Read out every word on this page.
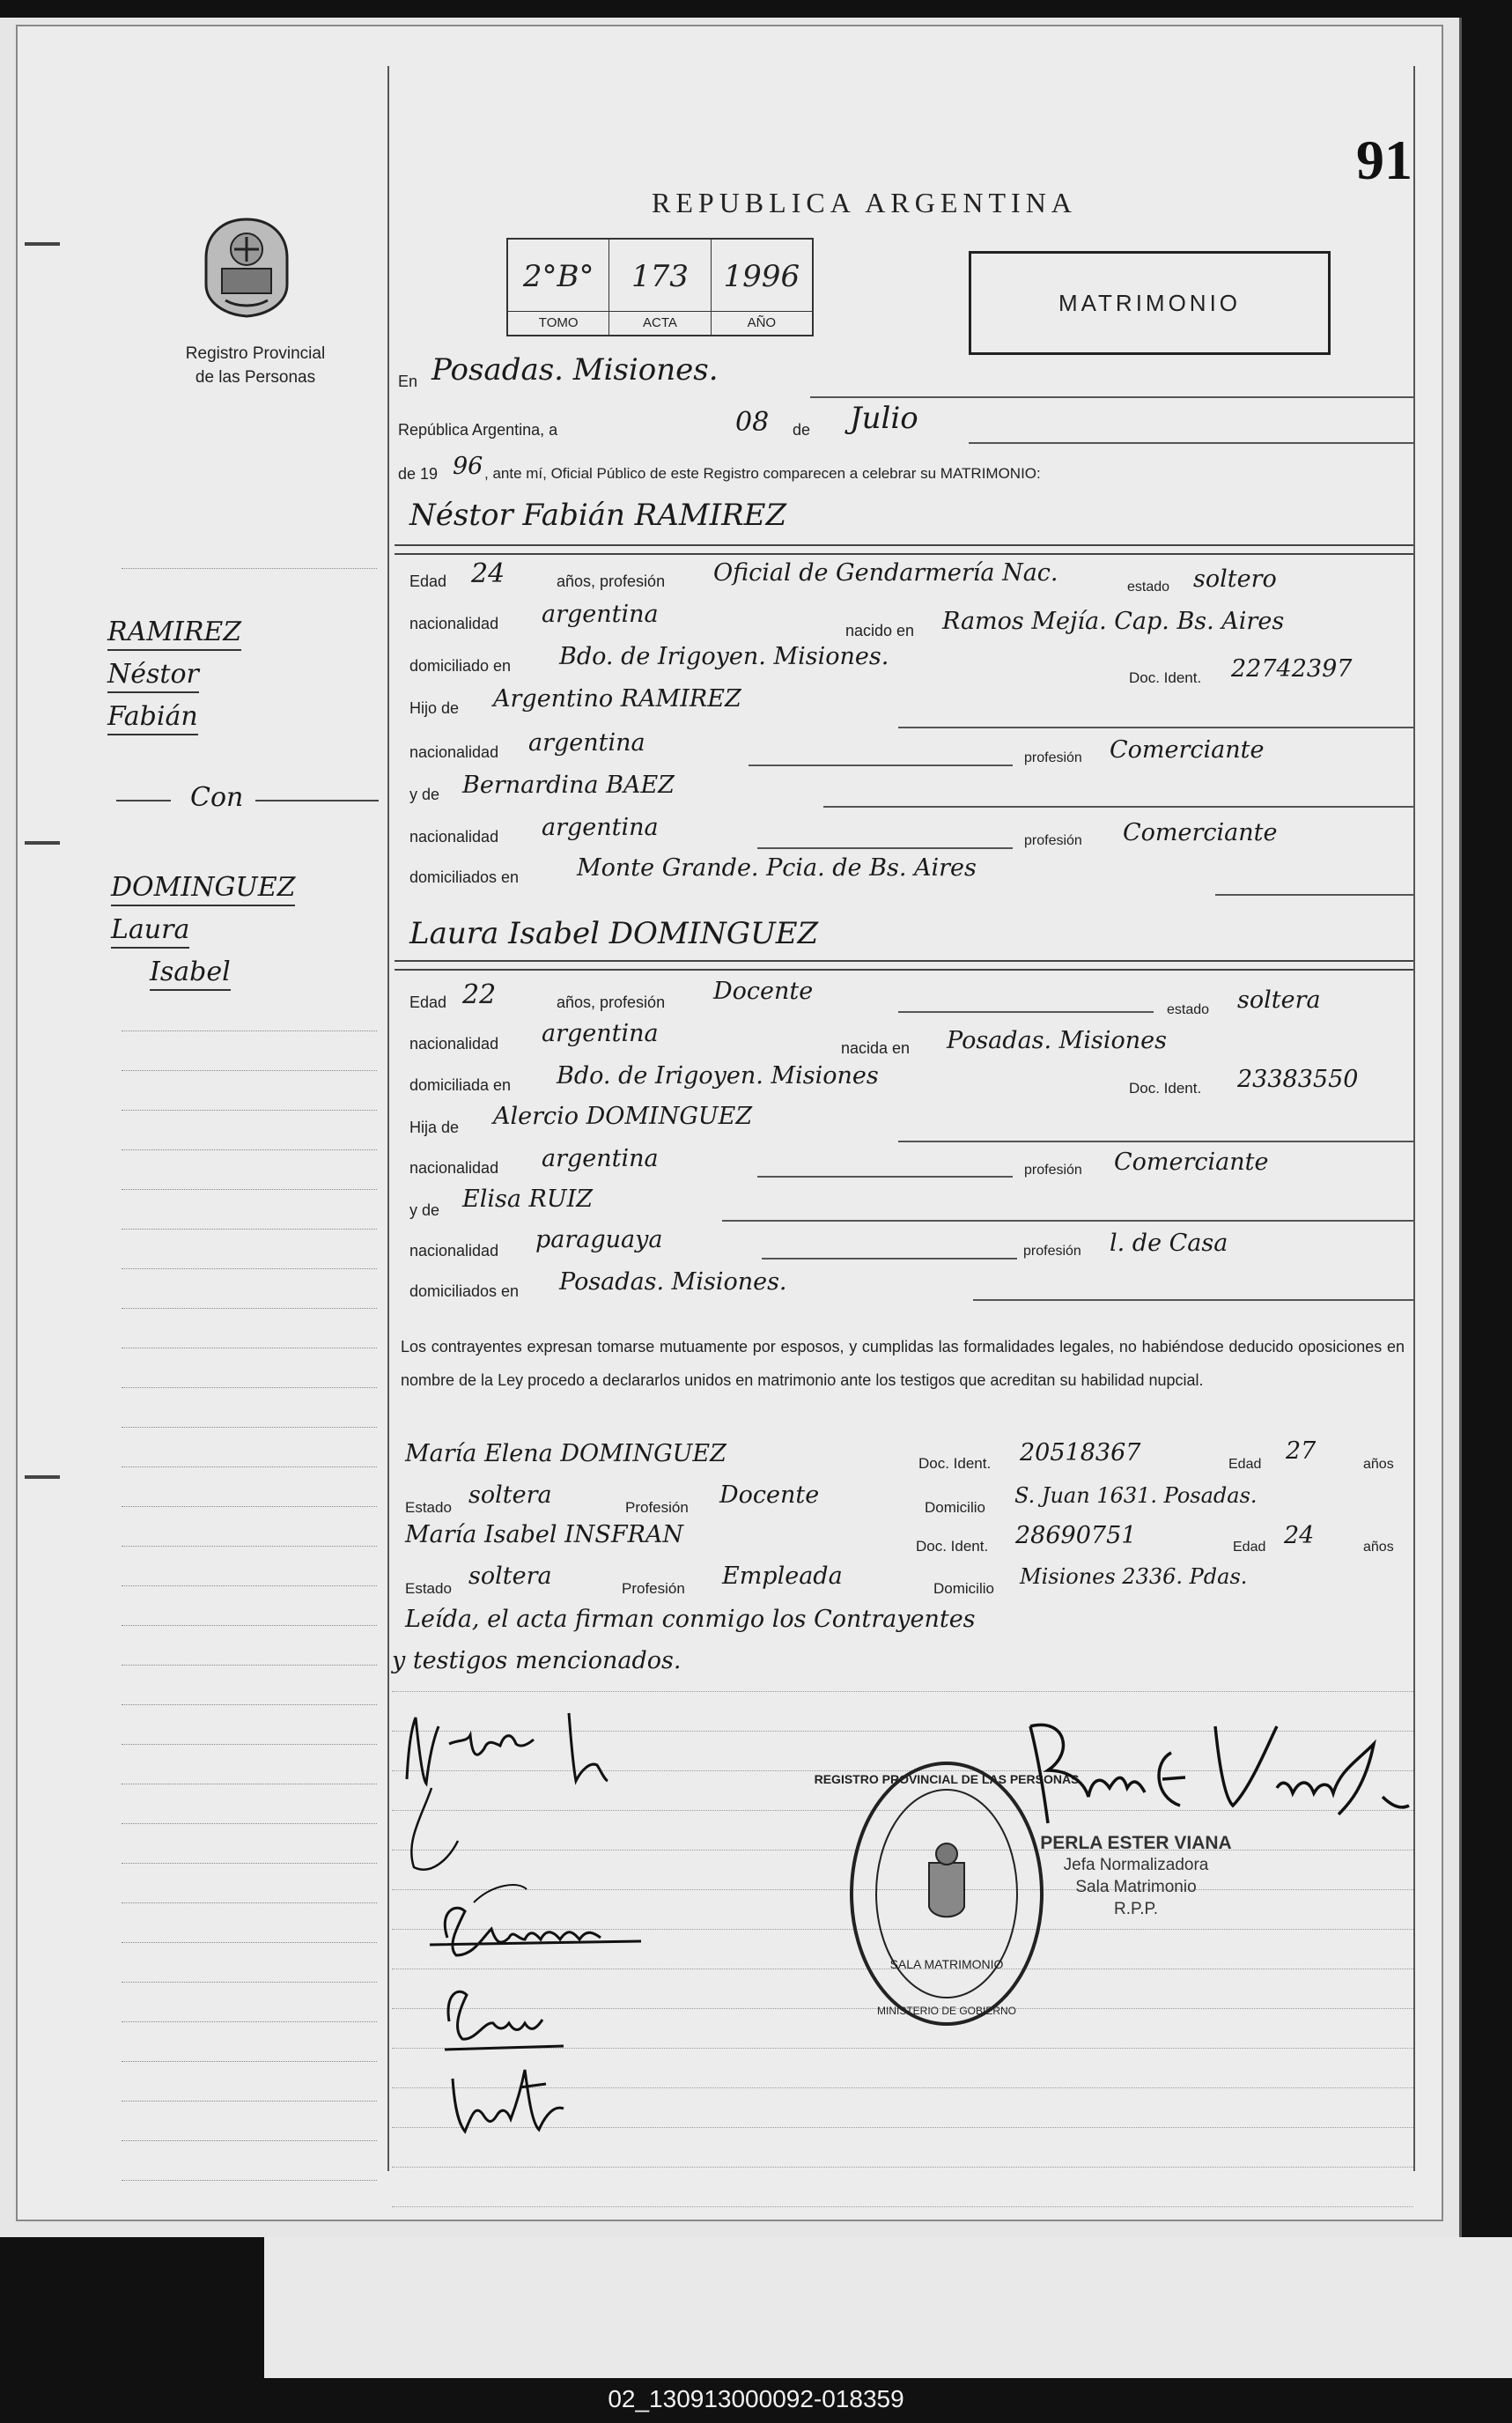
Registro Provincial
de las Personas
RAMIREZ
Néstor
Fabián
Con
DOMINGUEZ
Laura
Isabel
91
REPUBLICA ARGENTINA
2°B°
TOMO
173
ACTA
1996
AÑO
MATRIMONIO
En Posadas. Misiones.
República Argentina, a	08 de Julio
de 19 96 , ante mí, Oficial Público de este Registro comparecen a celebrar su MATRIMONIO:
Néstor Fabián RAMIREZ
Edad 24	años, profesión Oficial de Gendarmería Nac.
estado soltero
nacionalidad argentina
nacido en Ramos Mejía. Cap. Bs. Aires
domiciliado en Bdo. de Irigoyen. Misiones.
Doc. Ident. 22742397
Hijo de Argentino RAMIREZ
nacionalidad argentina
profesión Comerciante
y de Bernardina BAEZ
nacionalidad argentina	profesión Comerciante
domiciliados en Monte Grande. Pcia. de Bs. Aires
Laura Isabel DOMINGUEZ
Edad 22	años, profesión Docente
estado soltera
nacionalidad argentina
nacida en Posadas. Misiones
domiciliada en Bdo. de Irigoyen. Misiones	Doc. Ident. 23383550
Hija de Alercio DOMINGUEZ
nacionalidad argentina	profesión Comerciante
y de Elisa RUIZ
nacionalidad paraguaya	profesión l. de Casa
domiciliados en Posadas. Misiones.
Los contrayentes expresan tomarse mutuamente por esposos, y cumplidas las formalidades legales, no habiéndose deducido oposiciones en nombre de la Ley procedo a declararlos unidos en matrimonio ante los testigos que acreditan su habilidad nupcial.
María Elena DOMINGUEZ	Doc. Ident. 20518367	Edad 27	años
Estado soltera	Profesión Docente	Domicilio S. Juan 1631. Posadas.
María Isabel INSFRAN	Doc. Ident. 28690751	Edad 24	años
Estado soltera	Profesión Empleada	Domicilio Misiones 2336. Pdas.
Leída, el acta firman conmigo los Contrayentes
y testigos mencionados.
REGISTRO PROVINCIAL DE LAS PERSONAS
SALA MATRIMONIO
MINISTERIO DE GOBIERNO
PERLA ESTER VIANA
Jefa Normalizadora
Sala Matrimonio
R.P.P.
02_130913000092-018359
